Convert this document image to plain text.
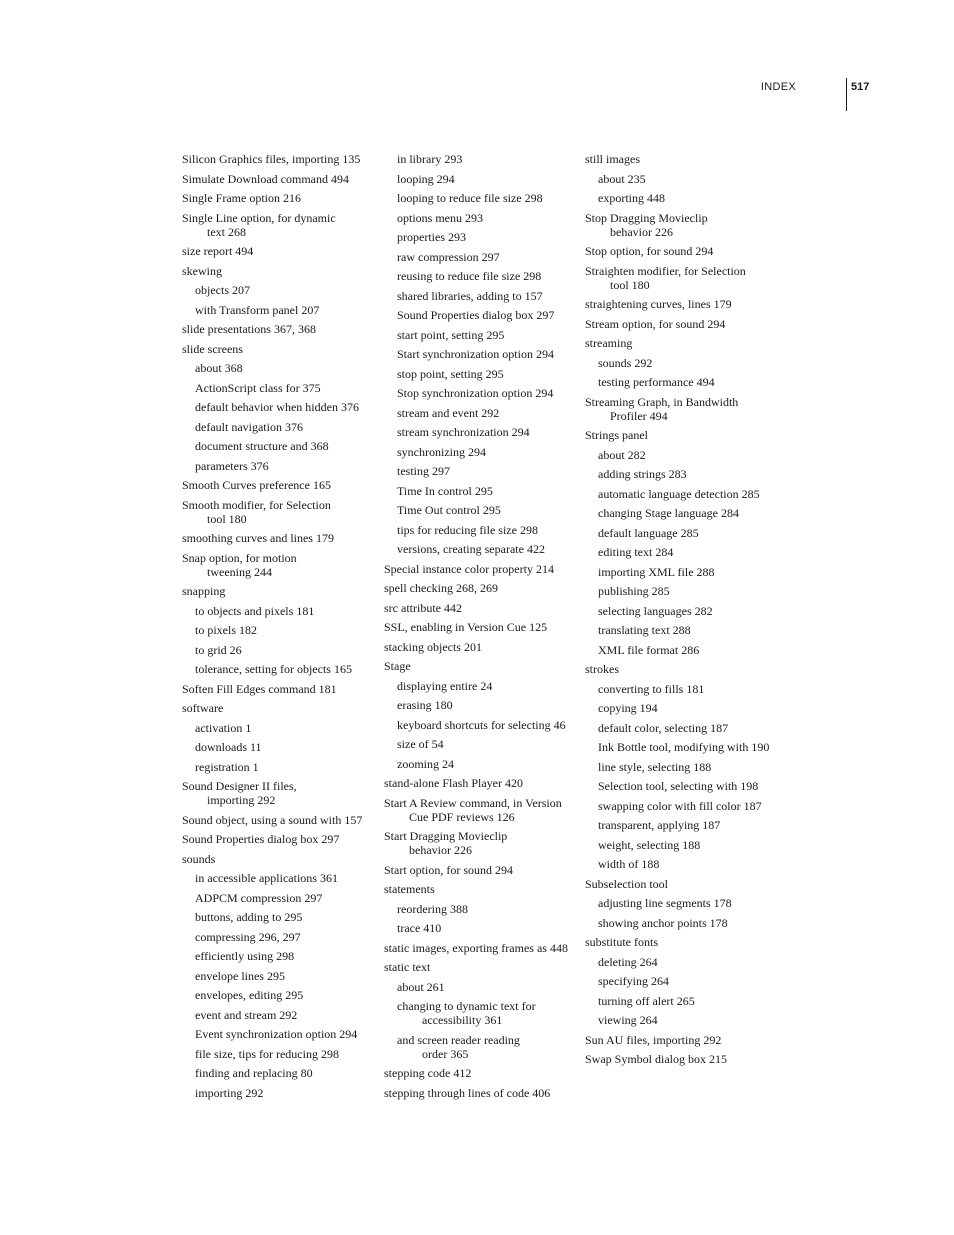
INDEX	517
Silicon Graphics files, importing 135
Simulate Download command 494
Single Frame option 216
Single Line option, for dynamic
text 268
size report 494
skewing
objects 207
with Transform panel 207
slide presentations 367, 368
slide screens
about 368
ActionScript class for 375
default behavior when hidden 376
default navigation 376
document structure and 368
parameters 376
Smooth Curves preference 165
Smooth modifier, for Selection
tool 180
smoothing curves and lines 179
Snap option, for motion
tweening 244
snapping
to objects and pixels 181
to pixels 182
to grid 26
tolerance, setting for objects 165
Soften Fill Edges command 181
software
activation 1
downloads 11
registration 1
Sound Designer II files,
importing 292
Sound object, using a sound with 157
Sound Properties dialog box 297
sounds
in accessible applications 361
ADPCM compression 297
buttons, adding to 295
compressing 296, 297
efficiently using 298
envelope lines 295
envelopes, editing 295
event and stream 292
Event synchronization option 294
file size, tips for reducing 298
finding and replacing 80
importing 292
in library 293
looping 294
looping to reduce file size 298
options menu 293
properties 293
raw compression 297
reusing to reduce file size 298
shared libraries, adding to 157
Sound Properties dialog box 297
start point, setting 295
Start synchronization option 294
stop point, setting 295
Stop synchronization option 294
stream and event 292
stream synchronization 294
synchronizing 294
testing 297
Time In control 295
Time Out control 295
tips for reducing file size 298
versions, creating separate 422
Special instance color property 214
spell checking 268, 269
src attribute 442
SSL, enabling in Version Cue 125
stacking objects 201
Stage
displaying entire 24
erasing 180
keyboard shortcuts for selecting 46
size of 54
zooming 24
stand-alone Flash Player 420
Start A Review command, in Version
Cue PDF reviews 126
Start Dragging Movieclip
behavior 226
Start option, for sound 294
statements
reordering 388
trace 410
static images, exporting frames as 448
static text
about 261
changing to dynamic text for
accessibility 361
and screen reader reading
order 365
stepping code 412
stepping through lines of code 406
still images
about 235
exporting 448
Stop Dragging Movieclip
behavior 226
Stop option, for sound 294
Straighten modifier, for Selection
tool 180
straightening curves, lines 179
Stream option, for sound 294
streaming
sounds 292
testing performance 494
Streaming Graph, in Bandwidth
Profiler 494
Strings panel
about 282
adding strings 283
automatic language detection 285
changing Stage language 284
default language 285
editing text 284
importing XML file 288
publishing 285
selecting languages 282
translating text 288
XML file format 286
strokes
converting to fills 181
copying 194
default color, selecting 187
Ink Bottle tool, modifying with 190
line style, selecting 188
Selection tool, selecting with 198
swapping color with fill color 187
transparent, applying 187
weight, selecting 188
width of 188
Subselection tool
adjusting line segments 178
showing anchor points 178
substitute fonts
deleting 264
specifying 264
turning off alert 265
viewing 264
Sun AU files, importing 292
Swap Symbol dialog box 215
